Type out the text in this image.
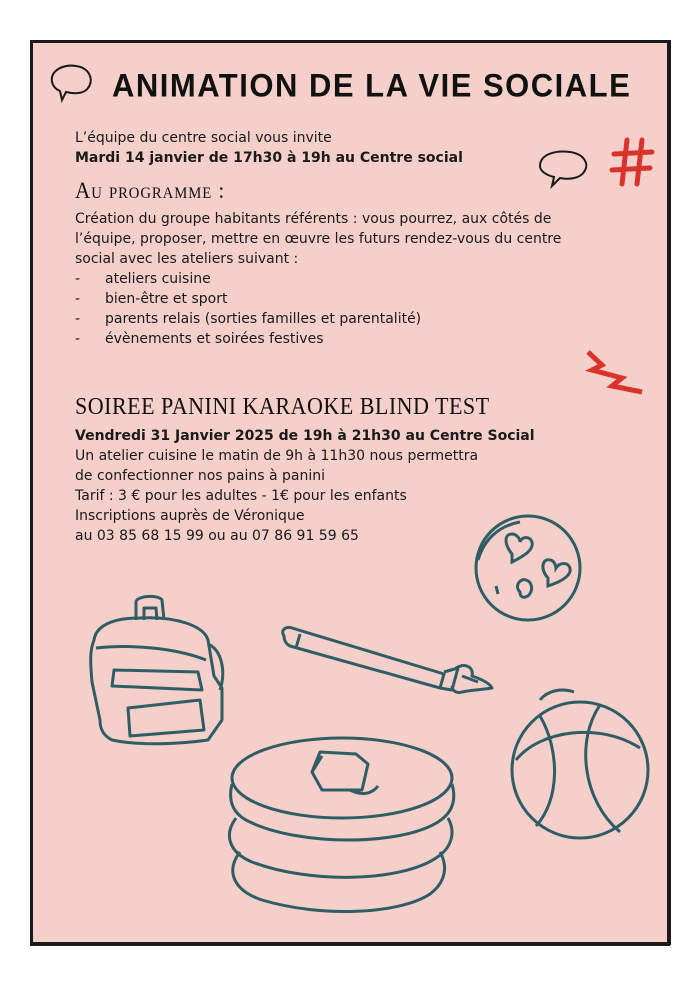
ANIMATION DE LA VIE SOCIALE
L’équipe du centre social vous invite
Mardi 14 janvier de 17h30 à 19h au Centre social
Au programme :
Création du groupe habitants référents : vous pourrez, aux côtés de
l’équipe, proposer, mettre en œuvre les futurs rendez-vous du centre
social avec les ateliers suivant :
- ateliers cuisine
- bien-être et sport
- parents relais (sorties familles et parentalité)
- évènements et soirées festives
SOIREE PANINI KARAOKE BLIND TEST
Vendredi 31 Janvier 2025 de 19h à 21h30 au Centre Social
Un atelier cuisine le matin de 9h à 11h30 nous permettra
de confectionner nos pains à panini
Tarif : 3 € pour les adultes - 1€ pour les enfants
Inscriptions auprès de Véronique
au 03 85 68 15 99 ou au 07 86 91 59 65
